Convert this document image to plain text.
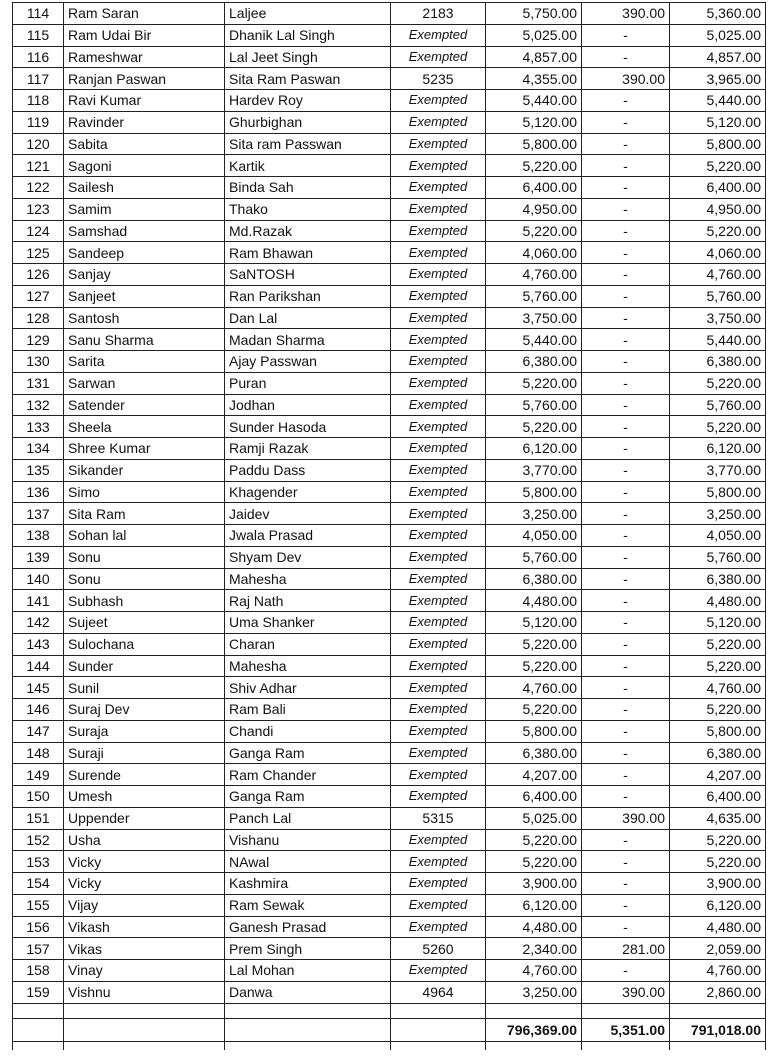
114	Ram Saran	Laljee	2183	5,750.00	390.00	5,360.00
115	Ram Udai Bir	Dhanik Lal Singh	Exempted	5,025.00	-	5,025.00
116	Rameshwar	Lal Jeet Singh	Exempted	4,857.00	-	4,857.00
117	Ranjan Paswan	Sita Ram Paswan	5235	4,355.00	390.00	3,965.00
118	Ravi Kumar	Hardev Roy	Exempted	5,440.00	-	5,440.00
119	Ravinder	Ghurbighan	Exempted	5,120.00	-	5,120.00
120	Sabita	Sita ram Passwan	Exempted	5,800.00	-	5,800.00
121	Sagoni	Kartik	Exempted	5,220.00	-	5,220.00
122	Sailesh	Binda Sah	Exempted	6,400.00	-	6,400.00
123	Samim	Thako	Exempted	4,950.00	-	4,950.00
124	Samshad	Md.Razak	Exempted	5,220.00	-	5,220.00
125	Sandeep	Ram Bhawan	Exempted	4,060.00	-	4,060.00
126	Sanjay	SaNTOSH	Exempted	4,760.00	-	4,760.00
127	Sanjeet	Ran Parikshan	Exempted	5,760.00	-	5,760.00
128	Santosh	Dan Lal	Exempted	3,750.00	-	3,750.00
129	Sanu Sharma	Madan Sharma	Exempted	5,440.00	-	5,440.00
130	Sarita	Ajay Passwan	Exempted	6,380.00	-	6,380.00
131	Sarwan	Puran	Exempted	5,220.00	-	5,220.00
132	Satender	Jodhan	Exempted	5,760.00	-	5,760.00
133	Sheela	Sunder Hasoda	Exempted	5,220.00	-	5,220.00
134	Shree Kumar	Ramji Razak	Exempted	6,120.00	-	6,120.00
135	Sikander	Paddu Dass	Exempted	3,770.00	-	3,770.00
136	Simo	Khagender	Exempted	5,800.00	-	5,800.00
137	Sita Ram	Jaidev	Exempted	3,250.00	-	3,250.00
138	Sohan lal	Jwala Prasad	Exempted	4,050.00	-	4,050.00
139	Sonu	Shyam Dev	Exempted	5,760.00	-	5,760.00
140	Sonu	Mahesha	Exempted	6,380.00	-	6,380.00
141	Subhash	Raj Nath	Exempted	4,480.00	-	4,480.00
142	Sujeet	Uma Shanker	Exempted	5,120.00	-	5,120.00
143	Sulochana	Charan	Exempted	5,220.00	-	5,220.00
144	Sunder	Mahesha	Exempted	5,220.00	-	5,220.00
145	Sunil	Shiv Adhar	Exempted	4,760.00	-	4,760.00
146	Suraj Dev	Ram Bali	Exempted	5,220.00	-	5,220.00
147	Suraja	Chandi	Exempted	5,800.00	-	5,800.00
148	Suraji	Ganga Ram	Exempted	6,380.00	-	6,380.00
149	Surende	Ram Chander	Exempted	4,207.00	-	4,207.00
150	Umesh	Ganga Ram	Exempted	6,400.00	-	6,400.00
151	Uppender	Panch Lal	5315	5,025.00	390.00	4,635.00
152	Usha	Vishanu	Exempted	5,220.00	-	5,220.00
153	Vicky	NAwal	Exempted	5,220.00	-	5,220.00
154	Vicky	Kashmira	Exempted	3,900.00	-	3,900.00
155	Vijay	Ram Sewak	Exempted	6,120.00	-	6,120.00
156	Vikash	Ganesh Prasad	Exempted	4,480.00	-	4,480.00
157	Vikas	Prem Singh	5260	2,340.00	281.00	2,059.00
158	Vinay	Lal Mohan	Exempted	4,760.00	-	4,760.00
159	Vishnu	Danwa	4964	3,250.00	390.00	2,860.00

				796,369.00	5,351.00	791,018.00
